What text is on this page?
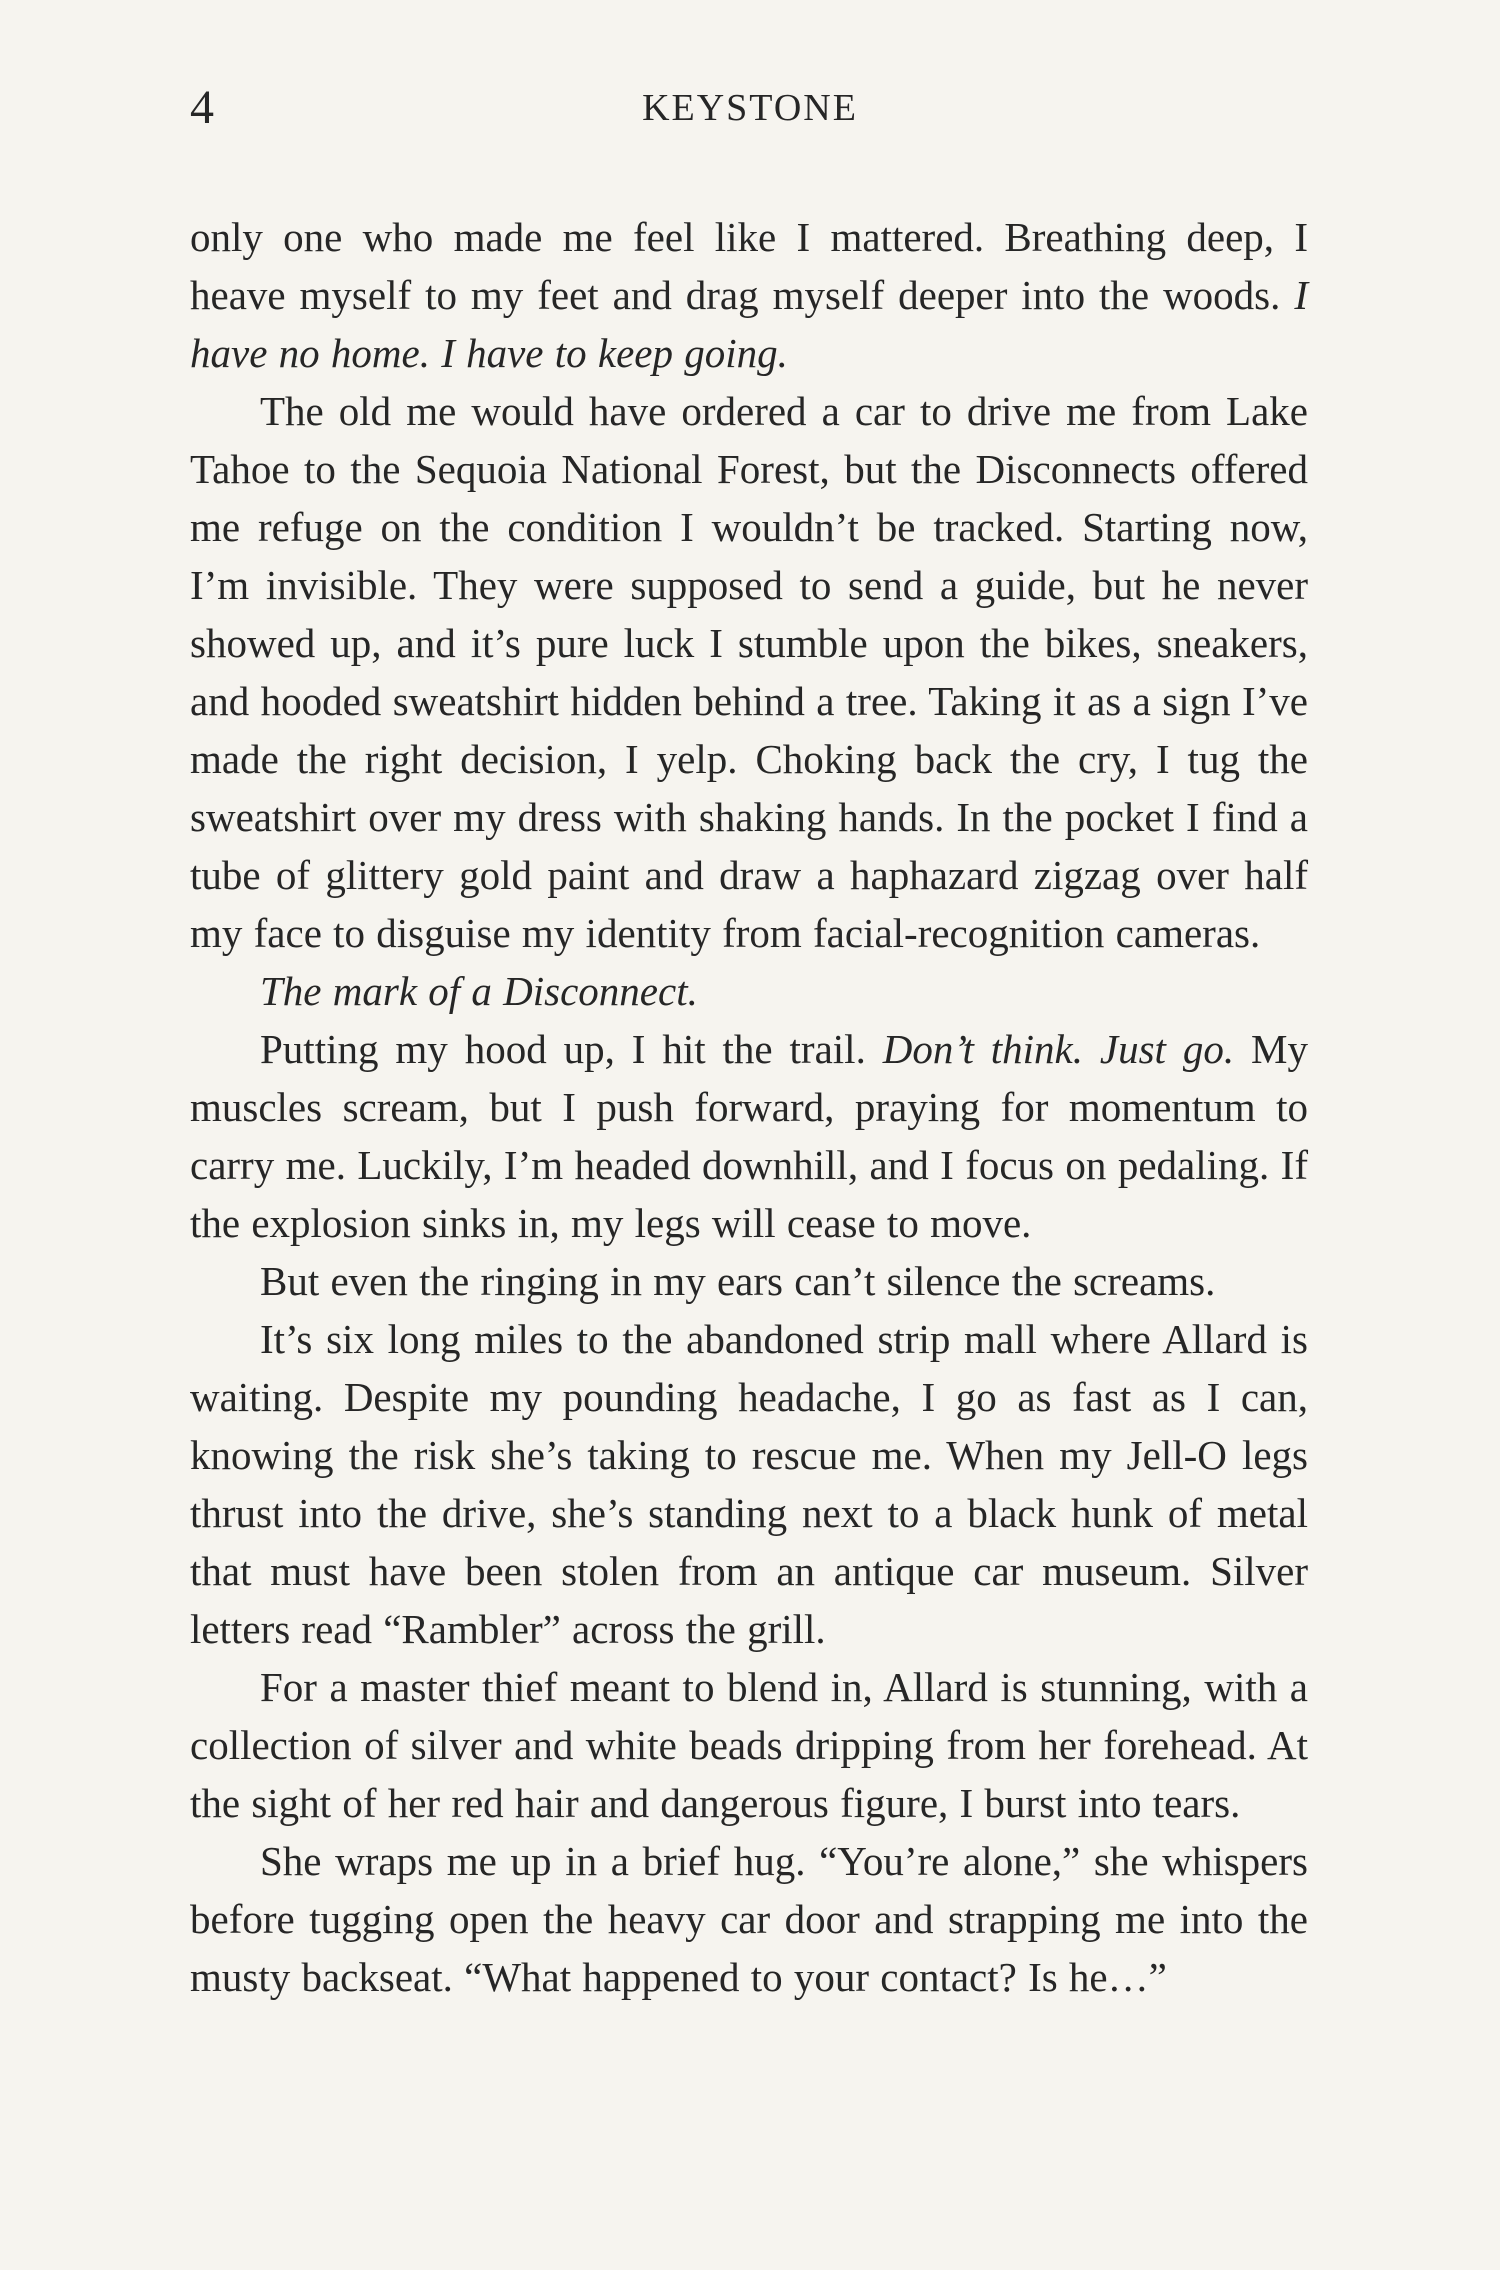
4	KEYSTONE

only one who made me feel like I mattered. Breathing deep, I heave myself to my feet and drag myself deeper into the woods. I have no home. I have to keep going.

The old me would have ordered a car to drive me from Lake Tahoe to the Sequoia National Forest, but the Disconnects offered me refuge on the condition I wouldn’t be tracked. Starting now, I’m invisible. They were supposed to send a guide, but he never showed up, and it’s pure luck I stumble upon the bikes, sneakers, and hooded sweatshirt hidden behind a tree. Taking it as a sign I’ve made the right decision, I yelp. Choking back the cry, I tug the sweatshirt over my dress with shaking hands. In the pocket I find a tube of glittery gold paint and draw a haphazard zigzag over half my face to disguise my identity from facial-recognition cameras.

The mark of a Disconnect.

Putting my hood up, I hit the trail. Don’t think. Just go. My muscles scream, but I push forward, praying for momentum to carry me. Luckily, I’m headed downhill, and I focus on pedaling. If the explosion sinks in, my legs will cease to move.

But even the ringing in my ears can’t silence the screams.

It’s six long miles to the abandoned strip mall where Allard is waiting. Despite my pounding headache, I go as fast as I can, knowing the risk she’s taking to rescue me. When my Jell-O legs thrust into the drive, she’s standing next to a black hunk of metal that must have been stolen from an antique car museum. Silver letters read “Rambler” across the grill.

For a master thief meant to blend in, Allard is stunning, with a collection of silver and white beads dripping from her forehead. At the sight of her red hair and dangerous figure, I burst into tears.

She wraps me up in a brief hug. “You’re alone,” she whispers before tugging open the heavy car door and strapping me into the musty backseat. “What happened to your contact? Is he…”
